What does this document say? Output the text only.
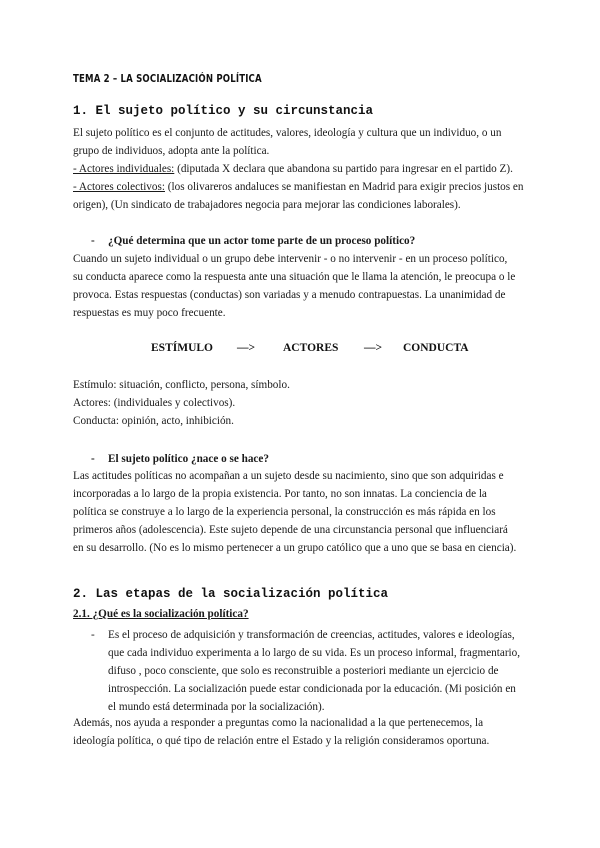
TEMA 2 – LA SOCIALIZACIÓN POLÍTICA
1. El sujeto político y su circunstancia
El sujeto político es el conjunto de actitudes, valores, ideología y cultura que un individuo, o un
grupo de individuos, adopta ante la política.
- Actores individuales: (diputada X declara que abandona su partido para ingresar en el partido Z).
- Actores colectivos: (los olivareros andaluces se manifiestan en Madrid para exigir precios justos en
origen), (Un sindicato de trabajadores negocia para mejorar las condiciones laborales).
- ¿Qué determina que un actor tome parte de un proceso político?
Cuando un sujeto individual o un grupo debe intervenir - o no intervenir - en un proceso político,
su conducta aparece como la respuesta ante una situación que le llama la atención, le preocupa o le
provoca. Estas respuestas (conductas) son variadas y a menudo contrapuestas. La unanimidad de
respuestas es muy poco frecuente.
ESTÍMULO —> ACTORES —> CONDUCTA
Estímulo: situación, conflicto, persona, símbolo.
Actores: (individuales y colectivos).
Conducta: opinión, acto, inhibición.
- El sujeto político ¿nace o se hace?
Las actitudes políticas no acompañan a un sujeto desde su nacimiento, sino que son adquiridas e
incorporadas a lo largo de la propia existencia. Por tanto, no son innatas. La conciencia de la
política se construye a lo largo de la experiencia personal, la construcción es más rápida en los
primeros años (adolescencia). Este sujeto depende de una circunstancia personal que influenciará
en su desarrollo. (No es lo mismo pertenecer a un grupo católico que a uno que se basa en ciencia).
2. Las etapas de la socialización política
2.1. ¿Qué es la socialización política?
- Es el proceso de adquisición y transformación de creencias, actitudes, valores e ideologías,
que cada individuo experimenta a lo largo de su vida. Es un proceso informal, fragmentario,
difuso , poco consciente, que solo es reconstruible a posteriori mediante un ejercicio de
introspección. La socialización puede estar condicionada por la educación. (Mi posición en
el mundo está determinada por la socialización).
Además, nos ayuda a responder a preguntas como la nacionalidad a la que pertenecemos, la
ideología política, o qué tipo de relación entre el Estado y la religión consideramos oportuna.
